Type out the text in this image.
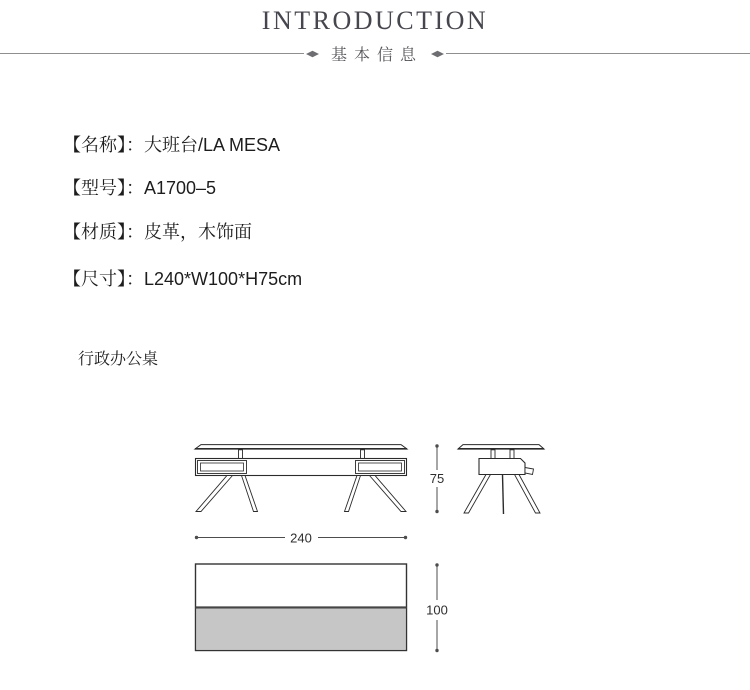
INTRODUCTION
基本信息

【名称】：大班台/LA MESA

【型号】：A1700–5

【材质】：皮革，木饰面

【尺寸】：L240*W100*H75cm

行政办公桌

75
240
100
